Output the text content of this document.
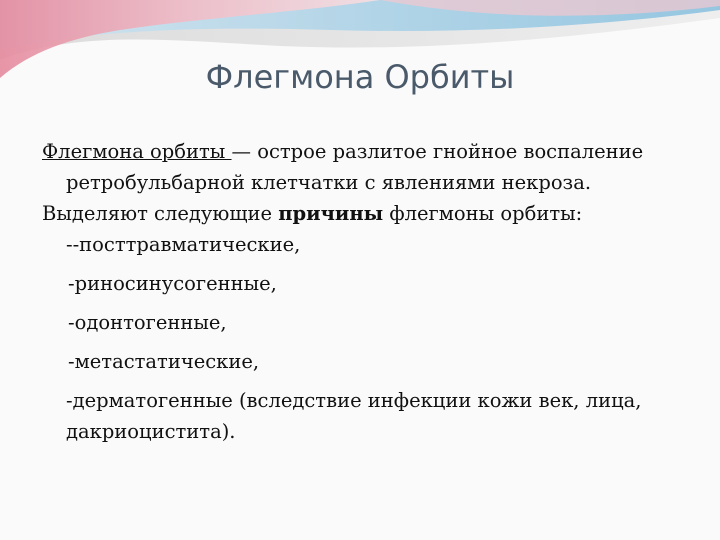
Флегмона Орбиты

Флегмона орбиты — острое разлитое гнойное воспаление ретробульбарной клетчатки с явлениями некроза.

Выделяют следующие причины флегмоны орбиты:

--посттравматические,

-риносинусогенные,

-одонтогенные,

-метастатические,

-дерматогенные (вследствие инфекции кожи век, лица, дакриоцистита).
